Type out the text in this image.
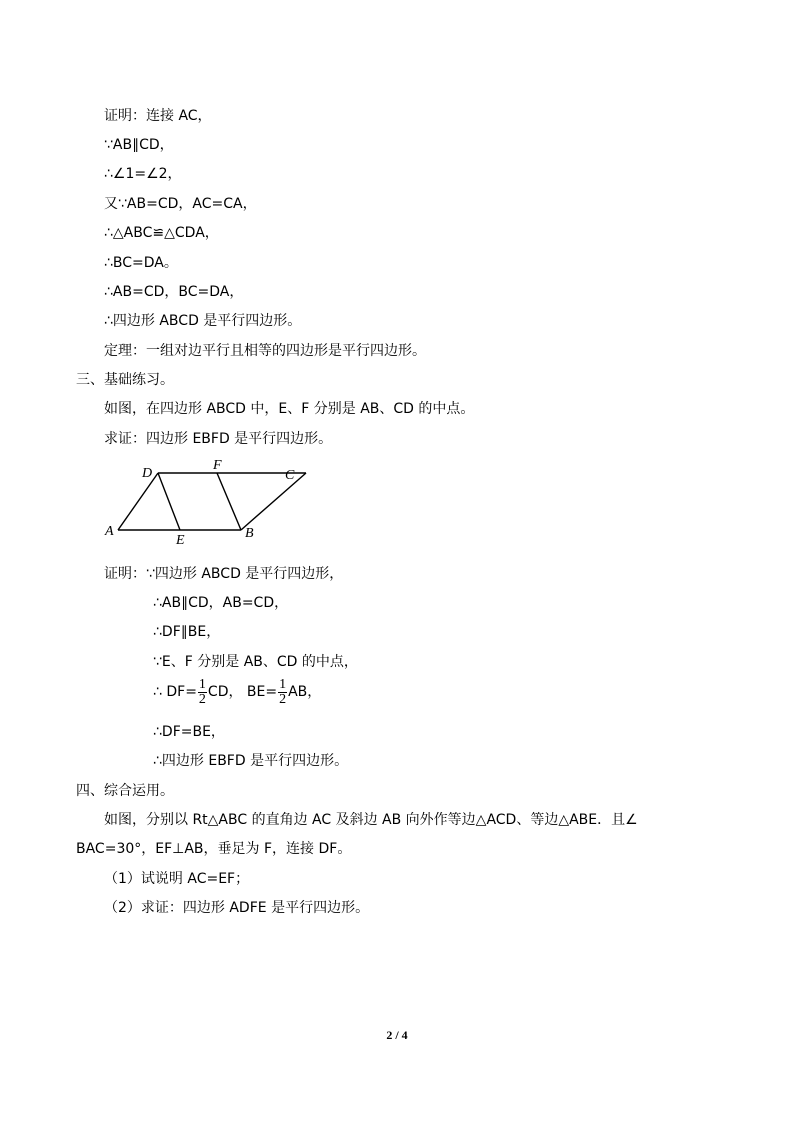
证明：连接 AC，
∵AB∥CD，
∴∠1=∠2，
又∵AB=CD，AC=CA，
∴△ABC≌△CDA，
∴BC=DA。
∴AB=CD，BC=DA，
∴四边形 ABCD 是平行四边形。
定理：一组对边平行且相等的四边形是平行四边形。
三、基础练习。
如图，在四边形 ABCD 中，E、F 分别是 AB、CD 的中点。
求证：四边形 EBFD 是平行四边形。
D
F
C
A
E	B
证明：∵四边形 ABCD 是平行四边形，
∴AB∥CD，AB=CD，
∴DF∥BE，
∵E、F 分别是 AB、CD 的中点，
∴ $DF= \frac{1}{2}$ CD， $BE= \frac{1}{2}$ AB，
∴DF=BE，
∴四边形 EBFD 是平行四边形。
四、综合运用。
如图，分别以 Rt△ABC 的直角边 AC 及斜边 AB 向外作等边△ACD、等边△ABE．且∠
BAC=30°，EF⊥AB，垂足为 F，连接 DF。
（1）试说明 AC=EF；
（2）求证：四边形 ADFE 是平行四边形。
2 / 4
